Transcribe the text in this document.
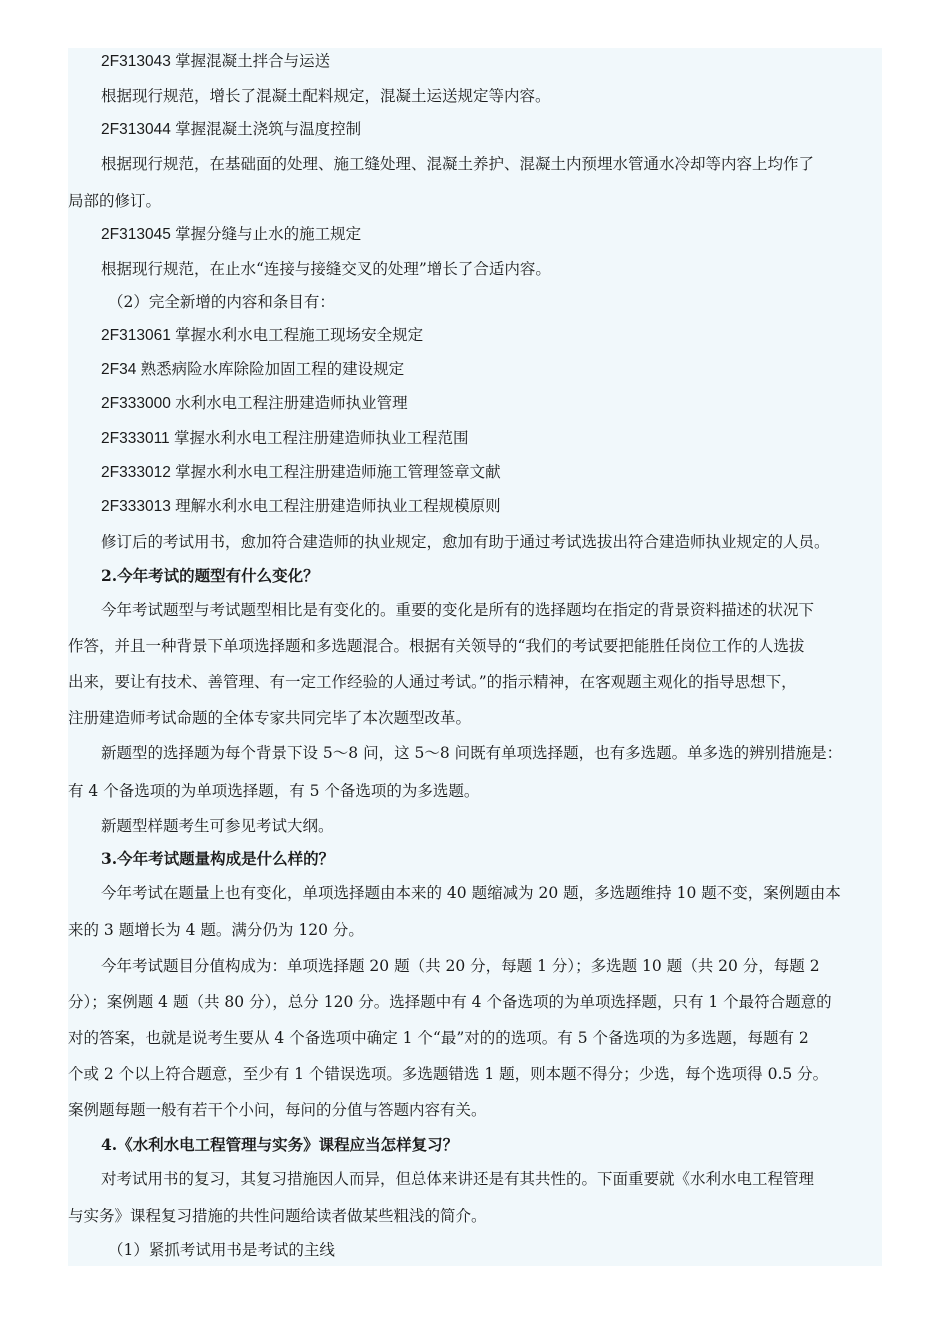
2F313043 掌握混凝土拌合与运送
根据现行规范，增长了混凝土配料规定，混凝土运送规定等内容。
2F313044 掌握混凝土浇筑与温度控制
根据现行规范，在基础面的处理、施工缝处理、混凝土养护、混凝土内预埋水管通水冷却等内容上均作了
局部的修订。
2F313045 掌握分缝与止水的施工规定
根据现行规范，在止水“连接与接缝交叉的处理”增长了合适内容。
（2）完全新增的内容和条目有：
2F313061 掌握水利水电工程施工现场安全规定
2F34 熟悉病险水库除险加固工程的建设规定
2F333000 水利水电工程注册建造师执业管理
2F333011 掌握水利水电工程注册建造师执业工程范围
2F333012 掌握水利水电工程注册建造师施工管理签章文献
2F333013 理解水利水电工程注册建造师执业工程规模原则
修订后的考试用书，愈加符合建造师的执业规定，愈加有助于通过考试选拔出符合建造师执业规定的人员。
2.今年考试的题型有什么变化？
今年考试题型与考试题型相比是有变化的。重要的变化是所有的选择题均在指定的背景资料描述的状况下
作答，并且一种背景下单项选择题和多选题混合。根据有关领导的“我们的考试要把能胜任岗位工作的人选拔
出来，要让有技术、善管理、有一定工作经验的人通过考试。”的指示精神，在客观题主观化的指导思想下，
注册建造师考试命题的全体专家共同完毕了本次题型改革。
新题型的选择题为每个背景下设 5～8 问，这 5～8 问既有单项选择题，也有多选题。单多选的辨别措施是：
有 4 个备选项的为单项选择题，有 5 个备选项的为多选题。
新题型样题考生可参见考试大纲。
3.今年考试题量构成是什么样的？
今年考试在题量上也有变化，单项选择题由本来的 40 题缩减为 20 题，多选题维持 10 题不变，案例题由本
来的 3 题增长为 4 题。满分仍为 120 分。
今年考试题目分值构成为：单项选择题 20 题（共 20 分，每题 1 分）；多选题 10 题（共 20 分，每题 2
分）；案例题 4 题（共 80 分），总分 120 分。选择题中有 4 个备选项的为单项选择题，只有 1 个最符合题意的
对的答案，也就是说考生要从 4 个备选项中确定 1 个“最”对的的选项。有 5 个备选项的为多选题，每题有 2
个或 2 个以上符合题意，至少有 1 个错误选项。多选题错选 1 题，则本题不得分；少选，每个选项得 0.5 分。
案例题每题一般有若干个小问，每问的分值与答题内容有关。
4.《水利水电工程管理与实务》课程应当怎样复习？
对考试用书的复习，其复习措施因人而异，但总体来讲还是有其共性的。下面重要就《水利水电工程管理
与实务》课程复习措施的共性问题给读者做某些粗浅的简介。
（1）紧抓考试用书是考试的主线
